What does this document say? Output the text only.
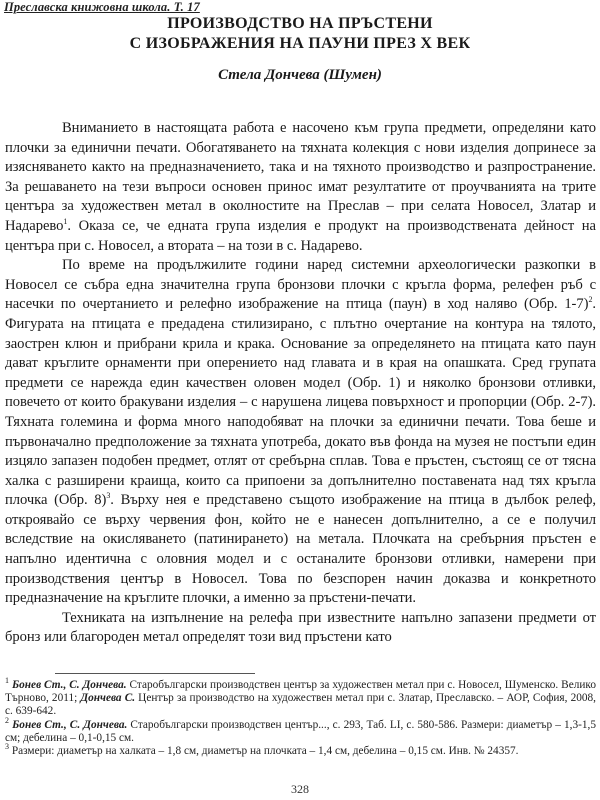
Преславска книжовна школа. Т. 17
ПРОИЗВОДСТВО НА ПРЪСТЕНИ
С ИЗОБРАЖЕНИЯ НА ПАУНИ ПРЕЗ Х ВЕК
Стела Дончева (Шумен)

Вниманието в настоящата работа е насочено към група предмети, определяни като плочки за единични печати. Обогатяването на тяхната колекция с нови изделия допринесе за изясняването както на предназначението, така и на тяхното производство и разпространение. За решаването на тези въпроси основен принос имат резултатите от проучванията на трите центъра за художествен метал в околностите на Преслав – при селата Новосел, Златар и Надарево$^1$. Оказа се, че едната група изделия е продукт на производствената дейност на центъра при с. Новосел, а втората – на този в с. Надарево.

По време на продължилите години наред системни археологически разкопки в Новосел се събра една значителна група бронзови плочки с кръгла форма, релефен ръб с насечки по очертанието и релефно изображение на птица (паун) в ход наляво (Обр. 1-7)$^2$. Фигурата на птицата е предадена стилизирано, с плътно очертание на контура на тялото, заострен клюн и прибрани крила и крака. Основание за определянето на птицата като паун дават кръглите орнаменти при оперението над главата и в края на опашката. Сред групата предмети се нарежда един качествен оловен модел (Обр. 1) и няколко бронзови отливки, повечето от които бракувани изделия – с нарушена лицева повърхност и пропорции (Обр. 2-7). Тяхната големина и форма много наподобяват на плочки за единични печати. Това беше и първоначално предположение за тяхната употреба, докато във фонда на музея не постъпи един изцяло запазен подобен предмет, отлят от сребърна сплав. Това е пръстен, състоящ се от тясна халка с разширени краища, които са припоени за допълнително поставената над тях кръгла плочка (Обр. 8)$^3$. Върху нея е представено същото изображение на птица в дълбок релеф, откроявайо се върху червения фон, който не е нанесен допълнително, а се е получил вследствие на окисляването (патинирането) на метала. Плочката на сребърния пръстен е напълно идентична с оловния модел и с останалите бронзови отливки, намерени при производствения център в Новосел. Това по безспорен начин доказва и конкретното предназначение на кръглите плочки, а именно за пръстени-печати.

Техниката на изпълнение на релефа при известните напълно запазени предмети от бронз или благороден метал определят този вид пръстени като

$^1$ Бонев Ст., С. Дончева. Старобългарски производствен център за художествен метал при с. Новосел, Шуменско. Велико Търново, 2011; Дончева С. Център за производство на художествен метал при с. Златар, Преславско. – АОР, София, 2008, с. 639-642.

$^2$ Бонев Ст., С. Дончева. Старобългарски производствен център..., с. 293, Таб. LI, с. 580-586. Размери: диаметър – 1,3-1,5 см; дебелина – 0,1-0,15 см.

$^3$ Размери: диаметър на халката – 1,8 см, диаметър на плочката – 1,4 см, дебелина – 0,15 см. Инв. № 24357.

328
